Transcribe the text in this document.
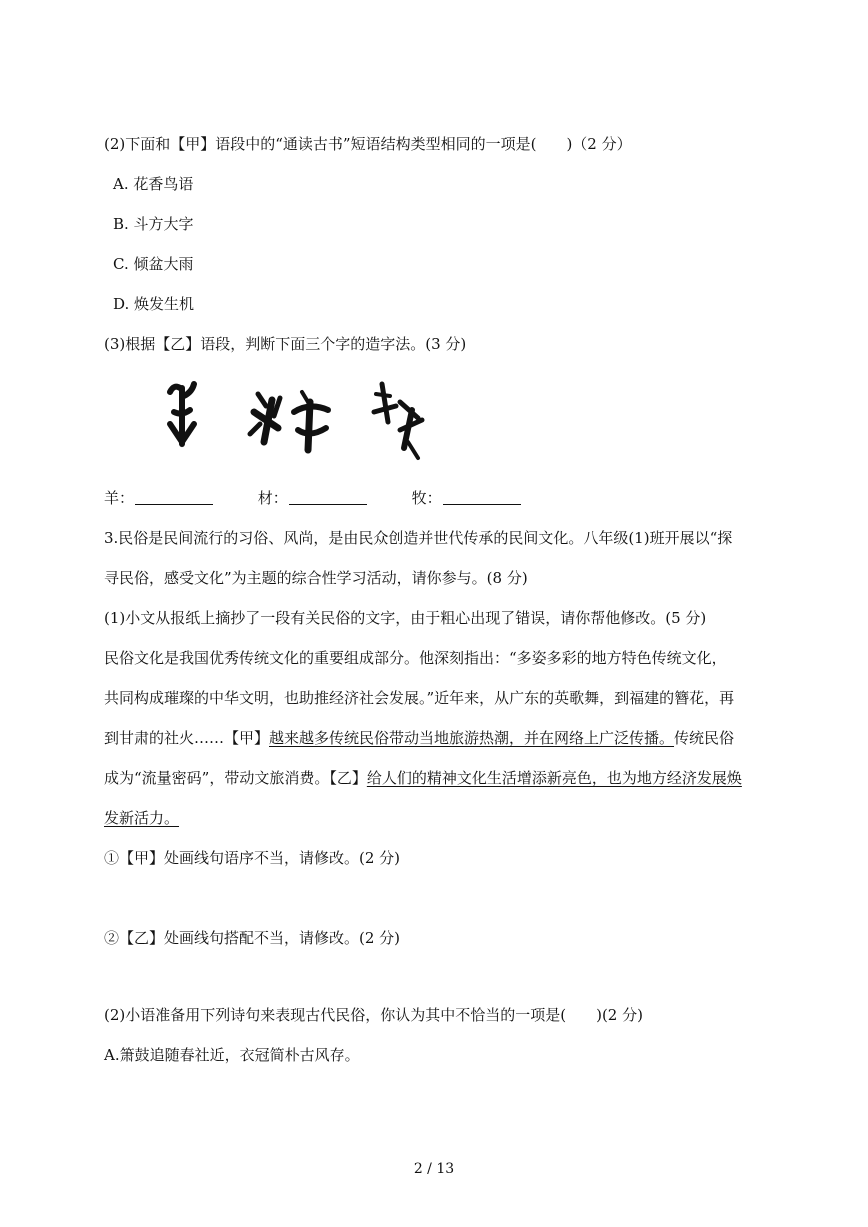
(2)下面和【甲】语段中的“通读古书”短语结构类型相同的一项是(　　)（2 分）
A. 花香鸟语
B. 斗方大字
C. 倾盆大雨
D. 焕发生机
(3)根据【乙】语段，判断下面三个字的造字法。(3 分)
羊：	材：	牧：
3.民俗是民间流行的习俗、风尚，是由民众创造并世代传承的民间文化。八年级(1)班开展以“探
寻民俗，感受文化”为主题的综合性学习活动，请你参与。(8 分)
(1)小文从报纸上摘抄了一段有关民俗的文字，由于粗心出现了错误，请你帮他修改。(5 分)
民俗文化是我国优秀传统文化的重要组成部分。他深刻指出：“多姿多彩的地方特色传统文化，
共同构成璀璨的中华文明，也助推经济社会发展。”近年来，从广东的英歌舞，到福建的簪花，再
到甘肃的社火……【甲】越来越多传统民俗带动当地旅游热潮，并在网络上广泛传播。传统民俗
成为“流量密码”，带动文旅消费。【乙】给人们的精神文化生活增添新亮色，也为地方经济发展焕
发新活力。
①【甲】处画线句语序不当，请修改。(2 分)
②【乙】处画线句搭配不当，请修改。(2 分)
(2)小语准备用下列诗句来表现古代民俗，你认为其中不恰当的一项是(　　)(2 分)
A.箫鼓追随春社近，衣冠简朴古风存。
2 / 13
